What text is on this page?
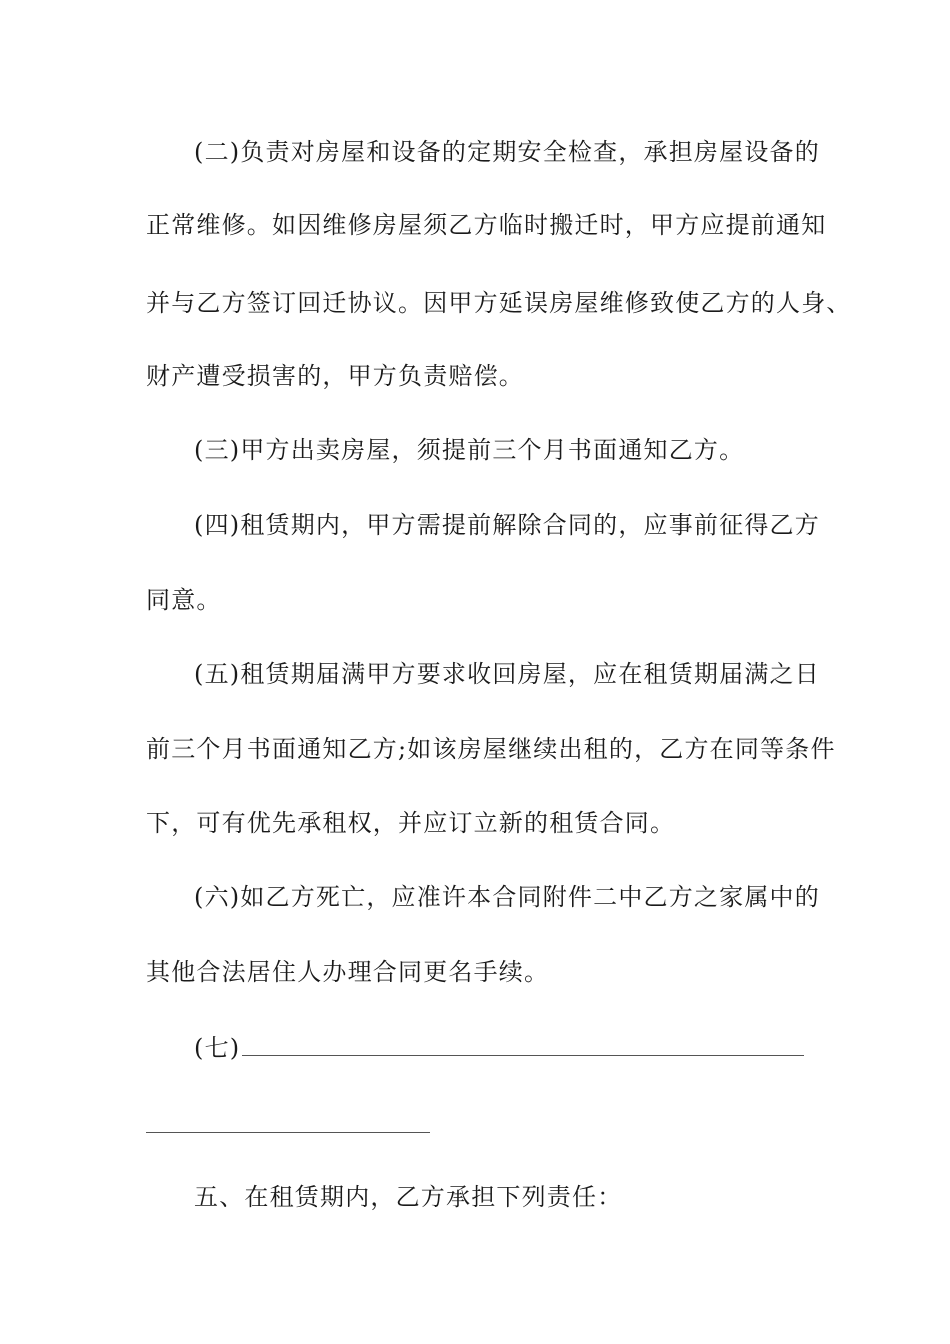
(二)负责对房屋和设备的定期安全检查，承担房屋设备的
正常维修。如因维修房屋须乙方临时搬迁时，甲方应提前通知
并与乙方签订回迁协议。因甲方延误房屋维修致使乙方的人身、
财产遭受损害的，甲方负责赔偿。
(三)甲方出卖房屋，须提前三个月书面通知乙方。
(四)租赁期内，甲方需提前解除合同的，应事前征得乙方
同意。
(五)租赁期届满甲方要求收回房屋，应在租赁期届满之日
前三个月书面通知乙方;如该房屋继续出租的，乙方在同等条件
下，可有优先承租权，并应订立新的租赁合同。
(六)如乙方死亡，应准许本合同附件二中乙方之家属中的
其他合法居住人办理合同更名手续。
(七)
五、在租赁期内，乙方承担下列责任：
